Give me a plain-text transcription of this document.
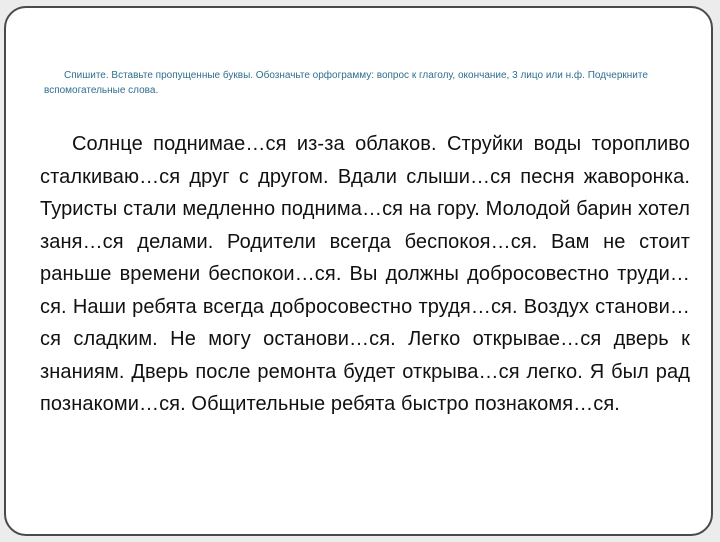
Спишите. Вставьте пропущенные буквы. Обозначьте орфограмму: вопрос к глаголу, окончание, 3 лицо или н.ф. Подчеркните вспомогательные слова.

Солнце поднимае…ся из-за облаков. Струйки воды торопливо сталкиваю…ся друг с другом. Вдали слыши…ся песня жаворонка. Туристы стали медленно поднима…ся на гору. Молодой барин хотел заня…ся делами. Родители всегда беспокоя…ся. Вам не стоит раньше времени беспокои…ся. Вы должны добросовестно труди…ся. Наши ребята всегда добросовестно трудя…ся. Воздух станови…ся сладким. Не могу останови…ся. Легко открывае…ся дверь к знаниям. Дверь после ремонта будет открыва…ся легко. Я был рад познакоми…ся. Общительные ребята быстро познакомя…ся.
